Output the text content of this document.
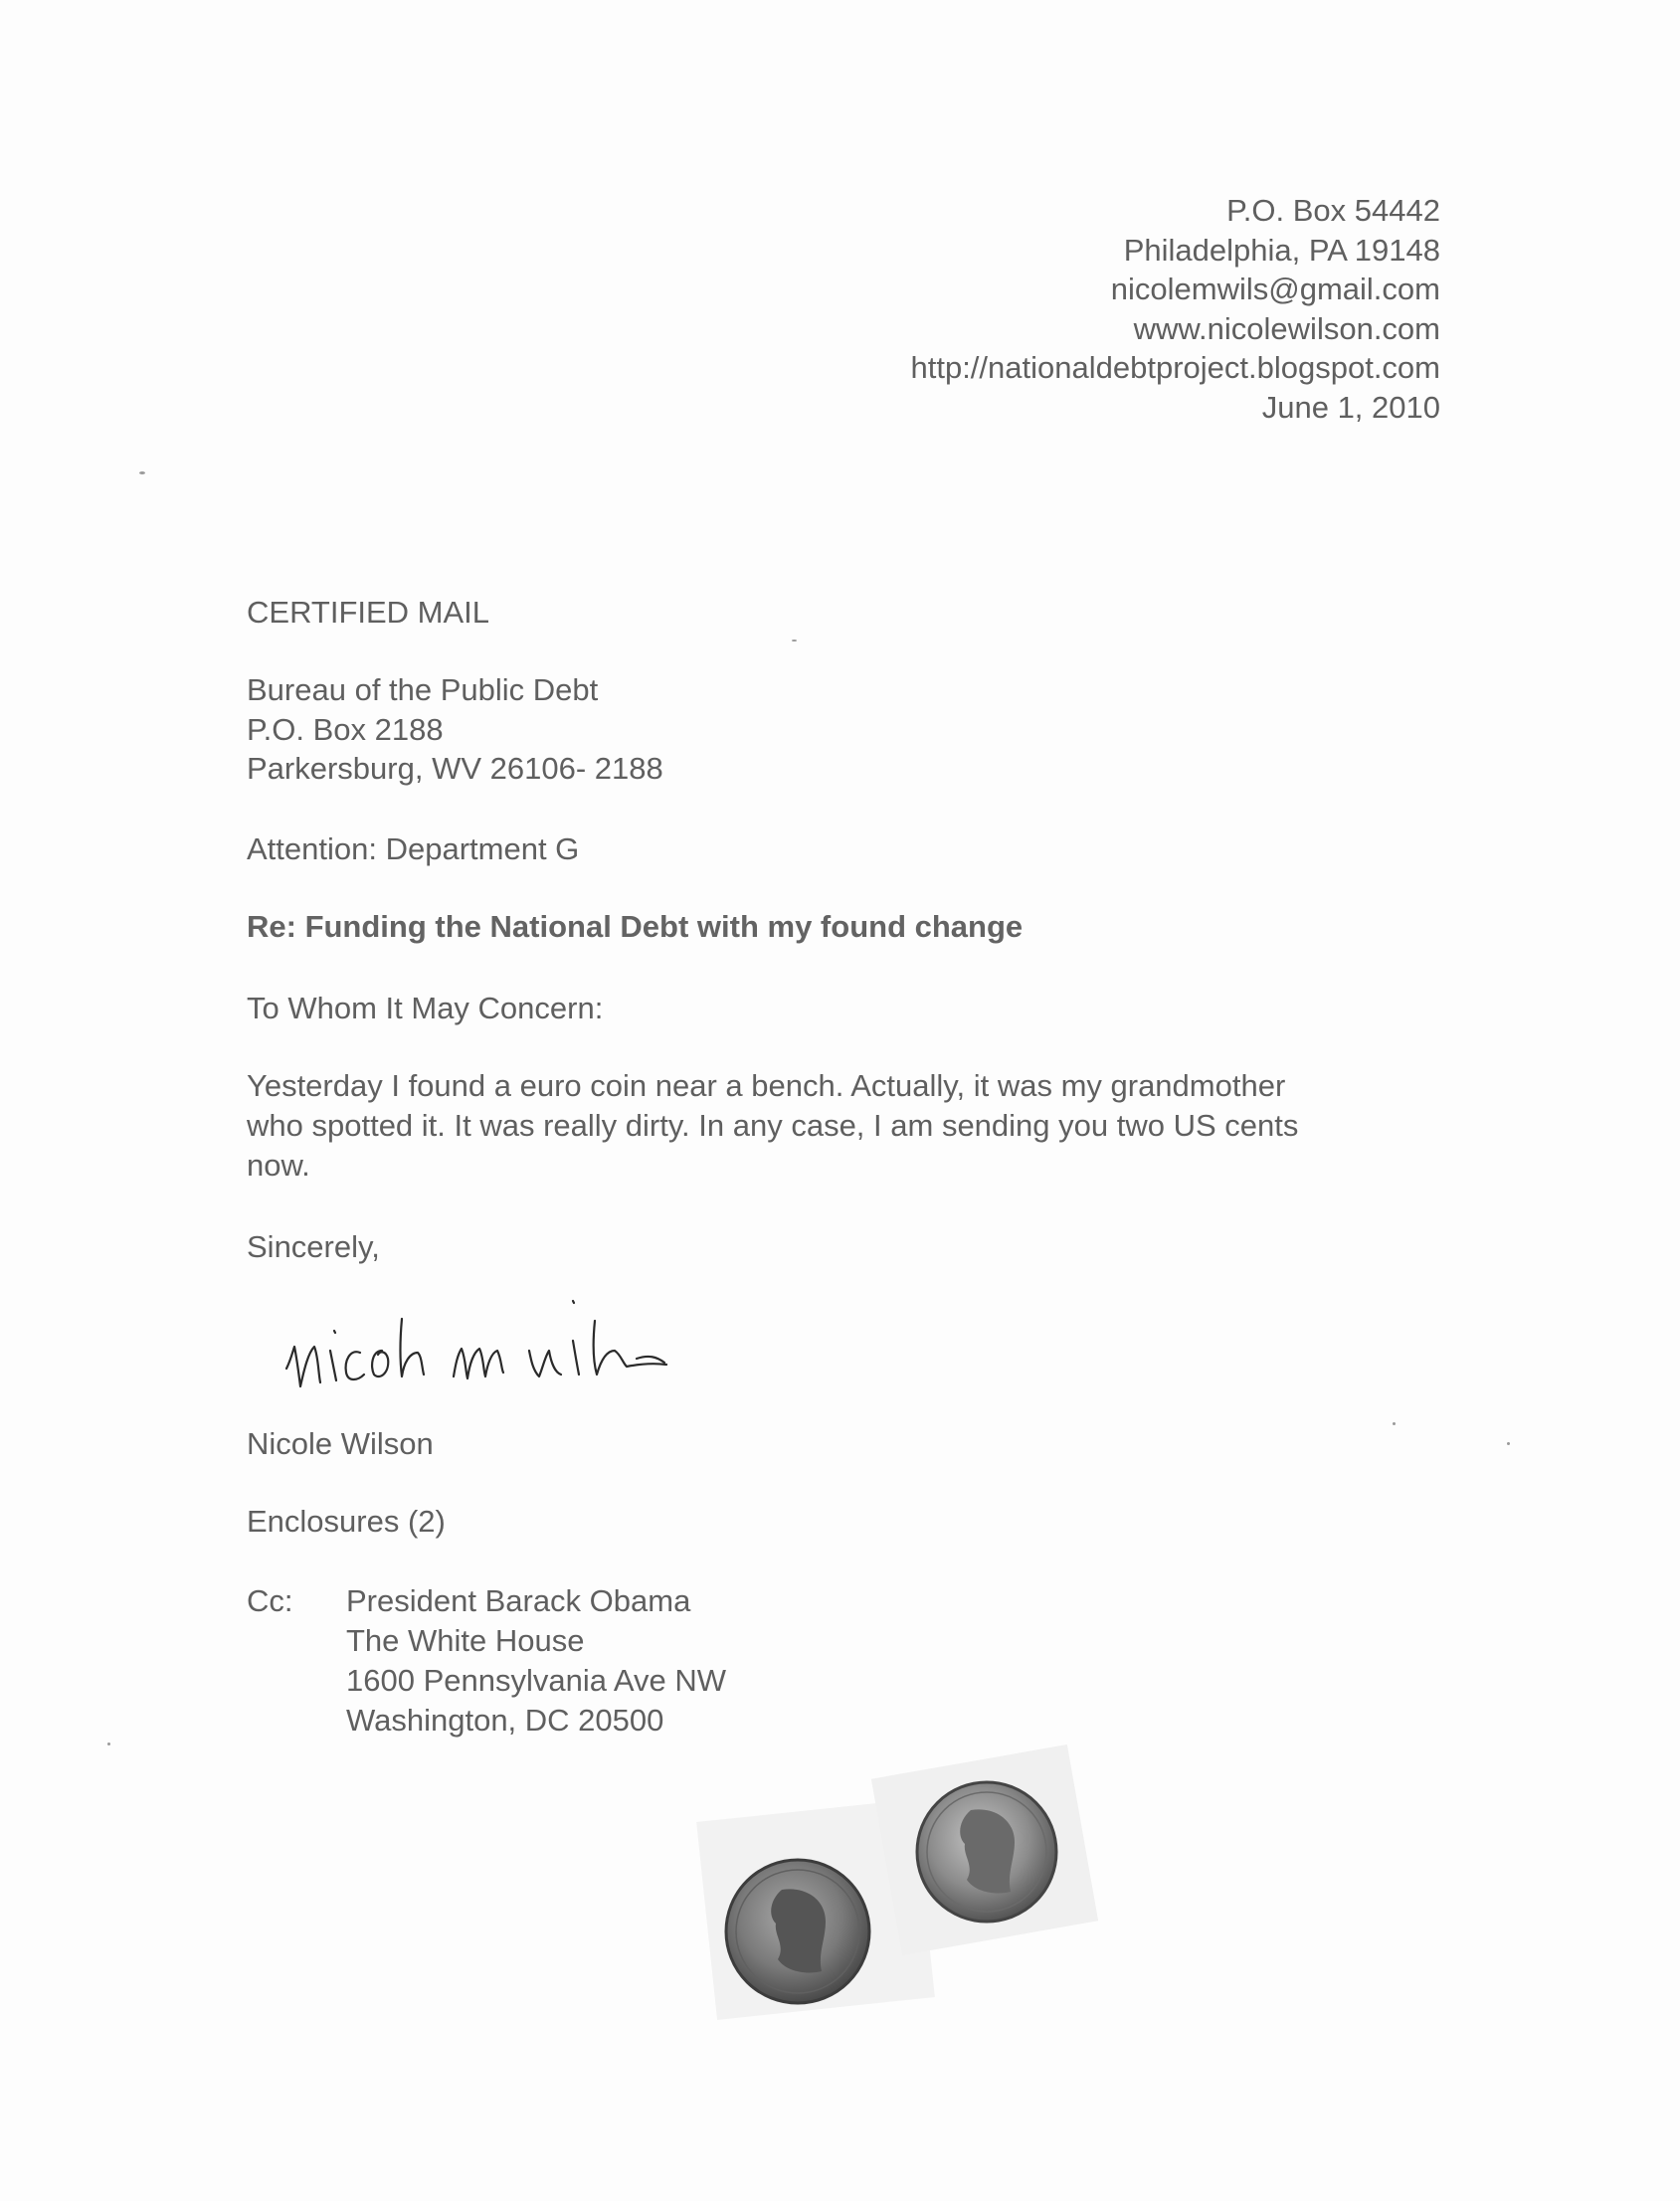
P.O. Box 54442
Philadelphia, PA 19148
nicolemwils@gmail.com
www.nicolewilson.com
http://nationaldebtproject.blogspot.com
June 1, 2010
CERTIFIED MAIL
Bureau of the Public Debt
P.O. Box 2188
Parkersburg, WV 26106- 2188
Attention: Department G
Re: Funding the National Debt with my found change
To Whom It May Concern:
Yesterday I found a euro coin near a bench. Actually, it was my grandmother
who spotted it. It was really dirty. In any case, I am sending you two US cents
now.
Sincerely,
Nicole Wilson
Enclosures (2)
Cc: President Barack Obama
The White House
1600 Pennsylvania Ave NW
Washington, DC 20500
